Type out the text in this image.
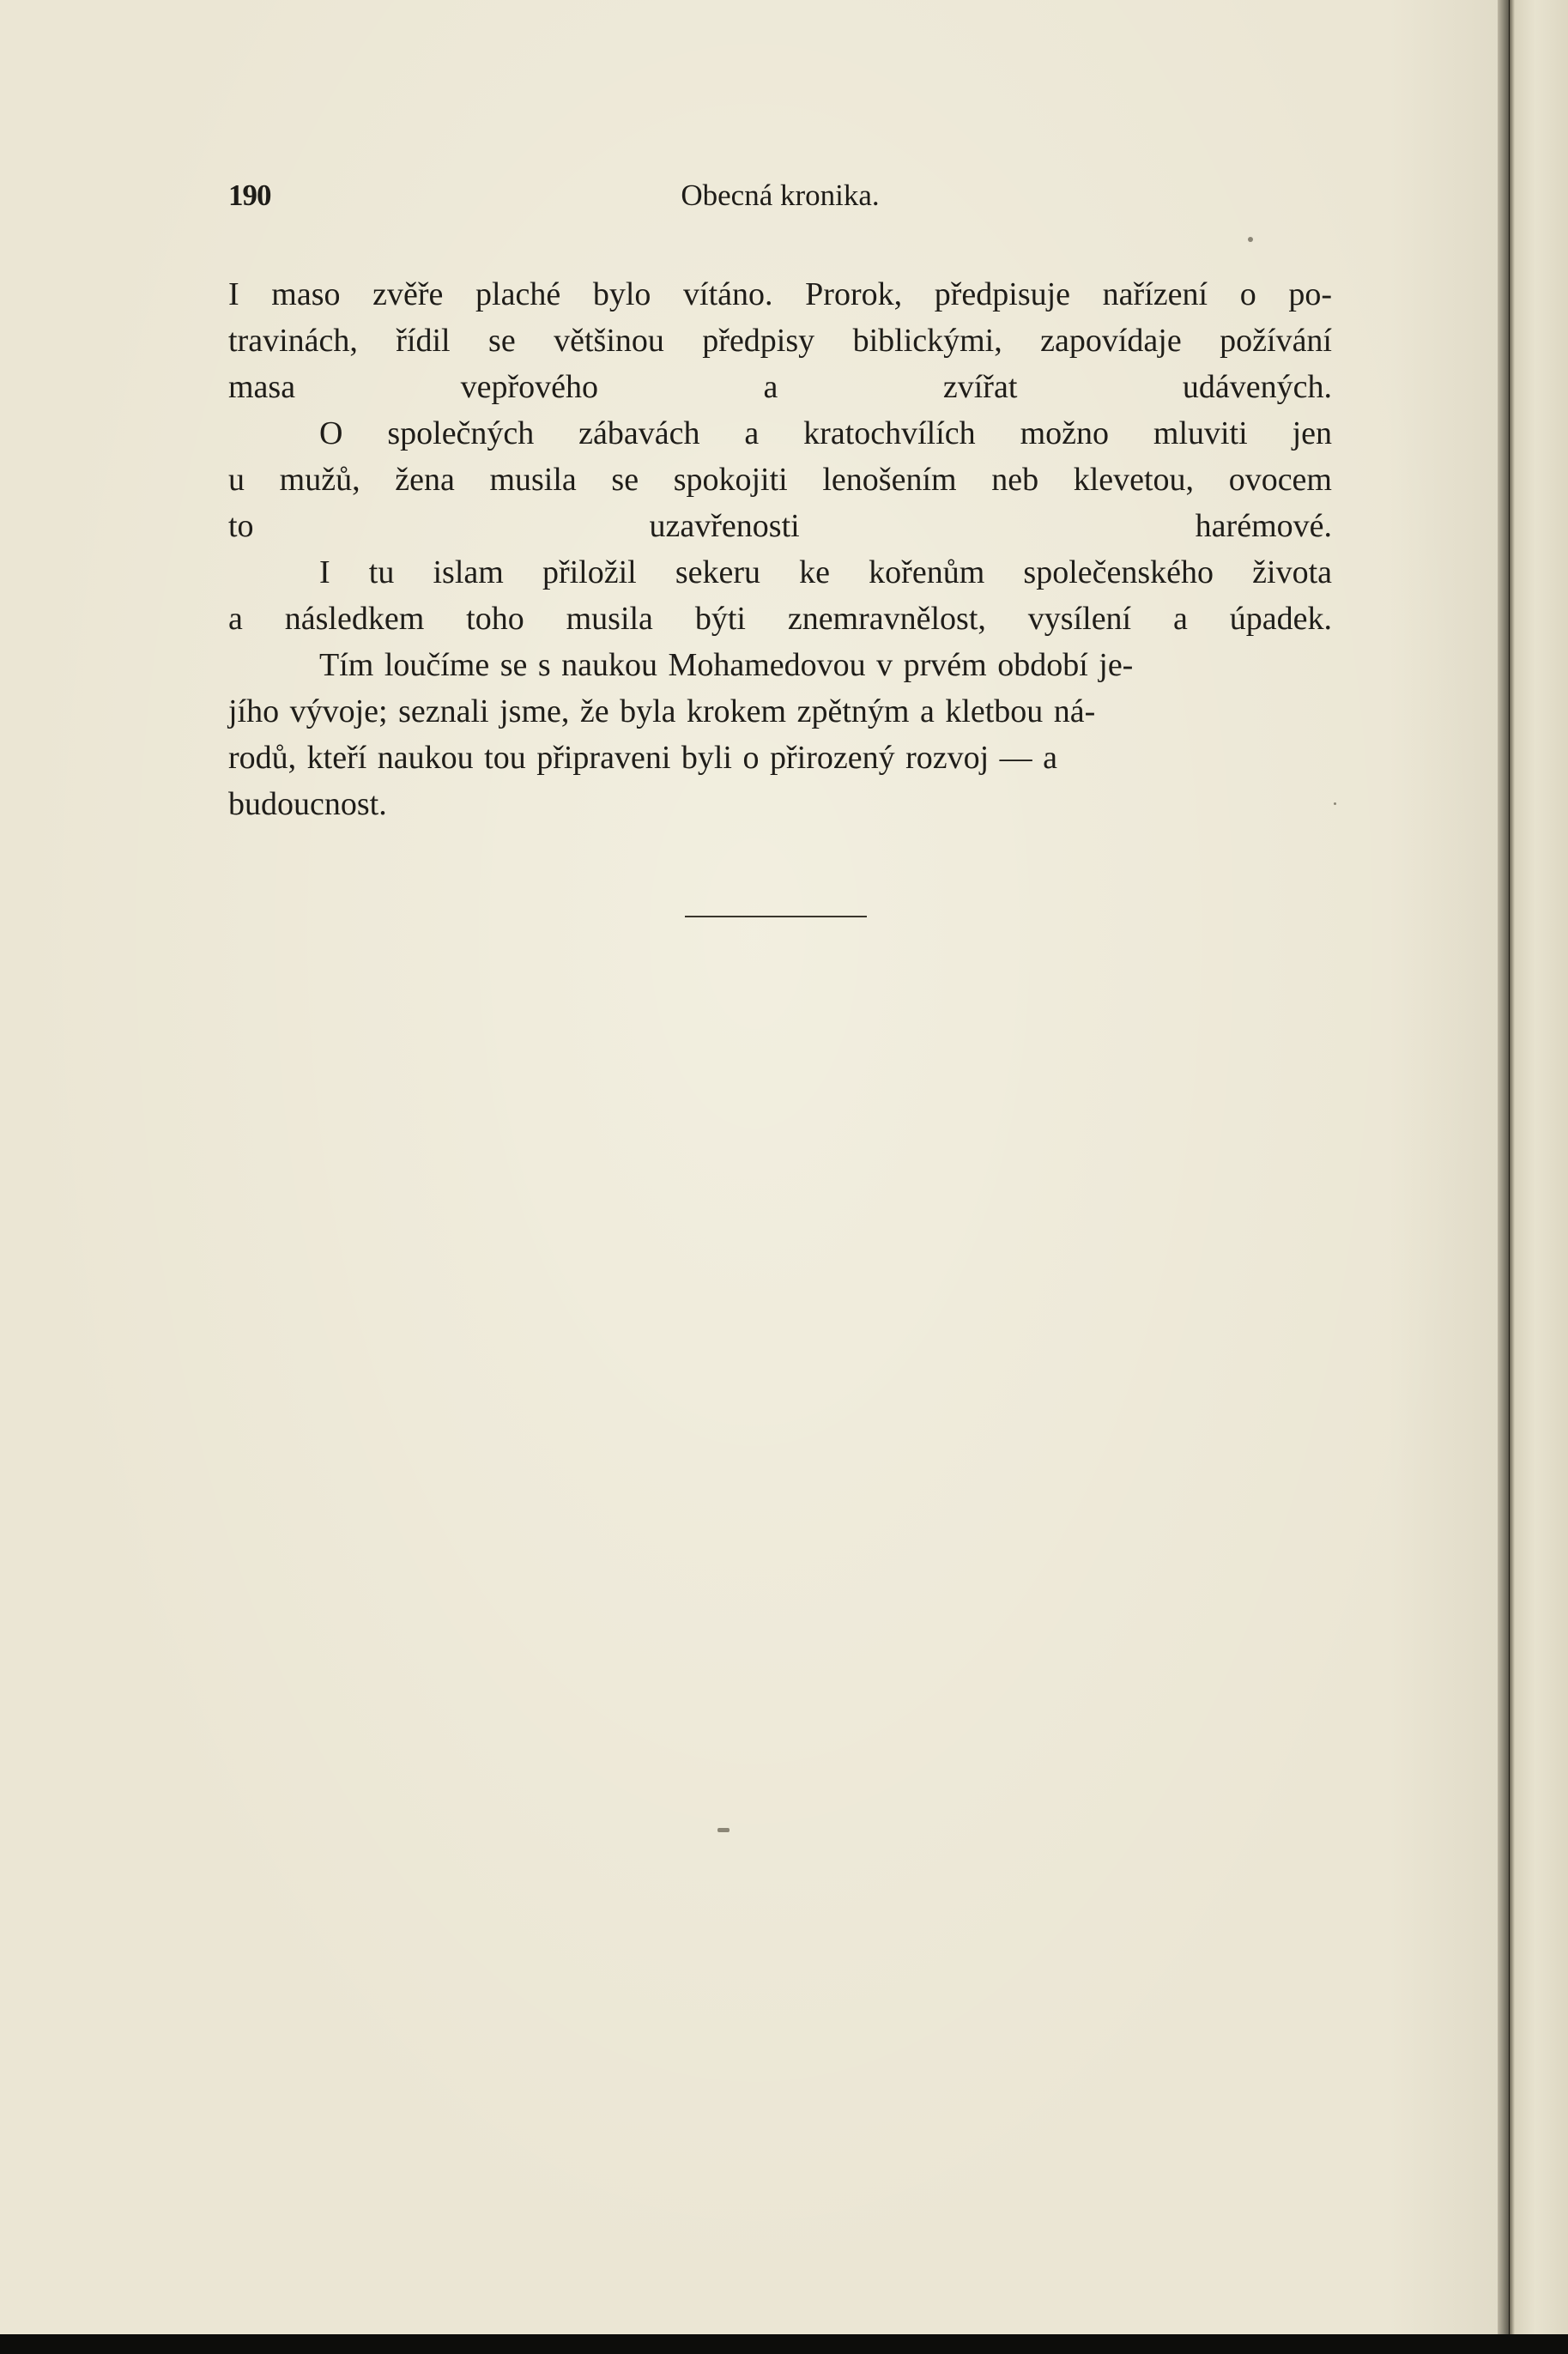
190	Obecná kronika.

I maso zvěře plaché bylo vítáno. Prorok, předpisuje nařízení o po-
travinách, řídil se většinou předpisy biblickými, zapovídaje požívání
masa vepřového a zvířat udávených.

O společných zábavách a kratochvílích možno mluviti jen
u mužů, žena musila se spokojiti lenošením neb klevetou, ovocem
to uzavřenosti harémové.

I tu islam přiložil sekeru ke kořenům společenského života
a následkem toho musila býti znemravnělost, vysílení a úpadek.

Tím loučíme se s naukou Mohamedovou v prvém období je-
jího vývoje; seznali jsme, že byla krokem zpětným a kletbou ná-
rodů, kteří naukou tou připraveni byli o přirozený rozvoj — a
budoucnost.
